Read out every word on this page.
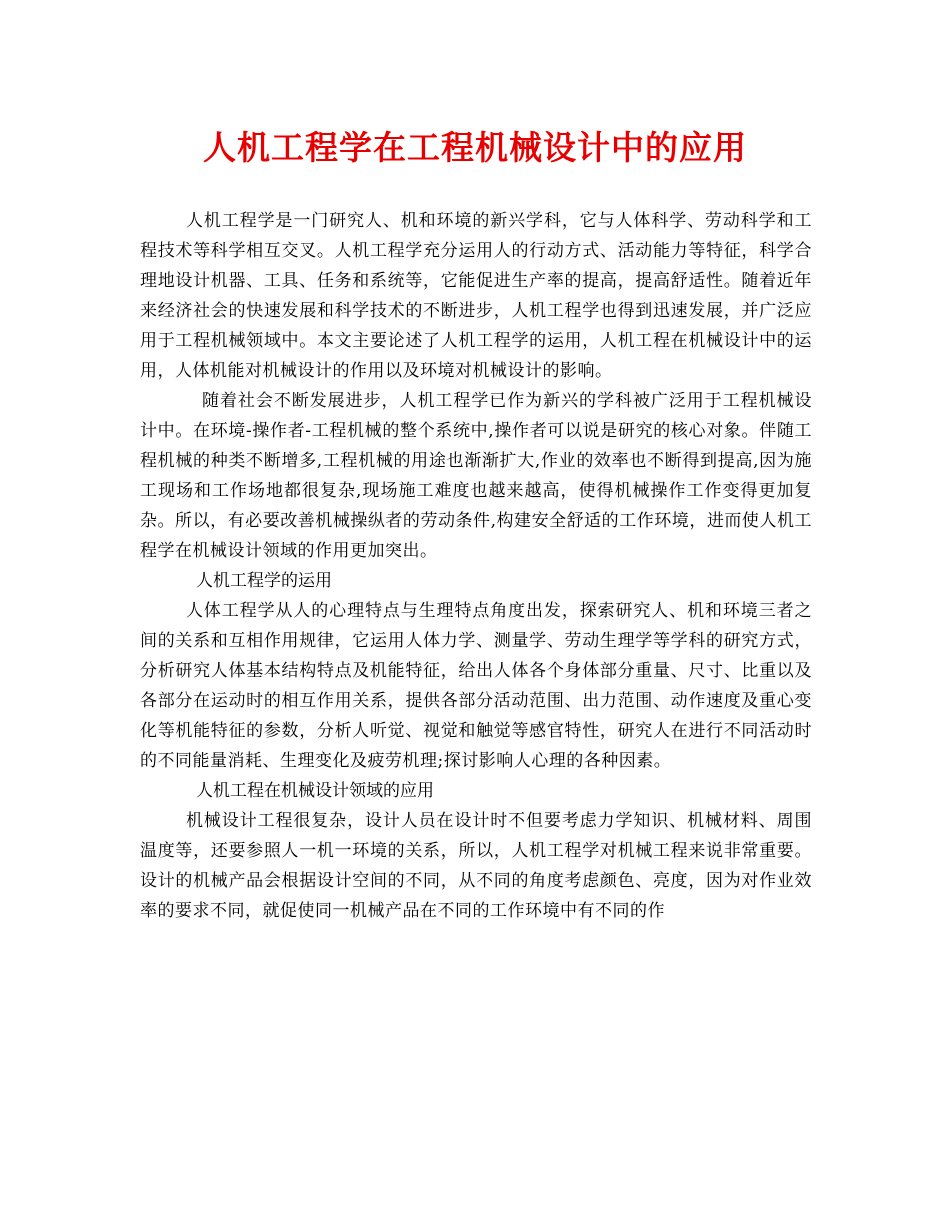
人机工程学在工程机械设计中的应用

人机工程学是一门研究人、机和环境的新兴学科，它与人体科学、劳动科学和工程技术等科学相互交叉。人机工程学充分运用人的行动方式、活动能力等特征，科学合理地设计机器、工具、任务和系统等，它能促进生产率的提高，提高舒适性。随着近年来经济社会的快速发展和科学技术的不断进步，人机工程学也得到迅速发展，并广泛应用于工程机械领域中。本文主要论述了人机工程学的运用，人机工程在机械设计中的运用，人体机能对机械设计的作用以及环境对机械设计的影响。

随着社会不断发展进步，人机工程学已作为新兴的学科被广泛用于工程机械设计中。在环境-操作者-工程机械的整个系统中,操作者可以说是研究的核心对象。伴随工程机械的种类不断增多,工程机械的用途也渐渐扩大,作业的效率也不断得到提高,因为施工现场和工作场地都很复杂,现场施工难度也越来越高，使得机械操作工作变得更加复杂。所以，有必要改善机械操纵者的劳动条件,构建安全舒适的工作环境，进而使人机工程学在机械设计领域的作用更加突出。

人机工程学的运用

人体工程学从人的心理特点与生理特点角度出发，探索研究人、机和环境三者之间的关系和互相作用规律，它运用人体力学、测量学、劳动生理学等学科的研究方式，分析研究人体基本结构特点及机能特征，给出人体各个身体部分重量、尺寸、比重以及各部分在运动时的相互作用关系，提供各部分活动范围、出力范围、动作速度及重心变化等机能特征的参数，分析人听觉、视觉和触觉等感官特性，研究人在进行不同活动时的不同能量消耗、生理变化及疲劳机理;探讨影响人心理的各种因素。

人机工程在机械设计领域的应用

机械设计工程很复杂，设计人员在设计时不但要考虑力学知识、机械材料、周围温度等，还要参照人一机一环境的关系，所以，人机工程学对机械工程来说非常重要。设计的机械产品会根据设计空间的不同，从不同的角度考虑颜色、亮度，因为对作业效率的要求不同，就促使同一机械产品在不同的工作环境中有不同的作
